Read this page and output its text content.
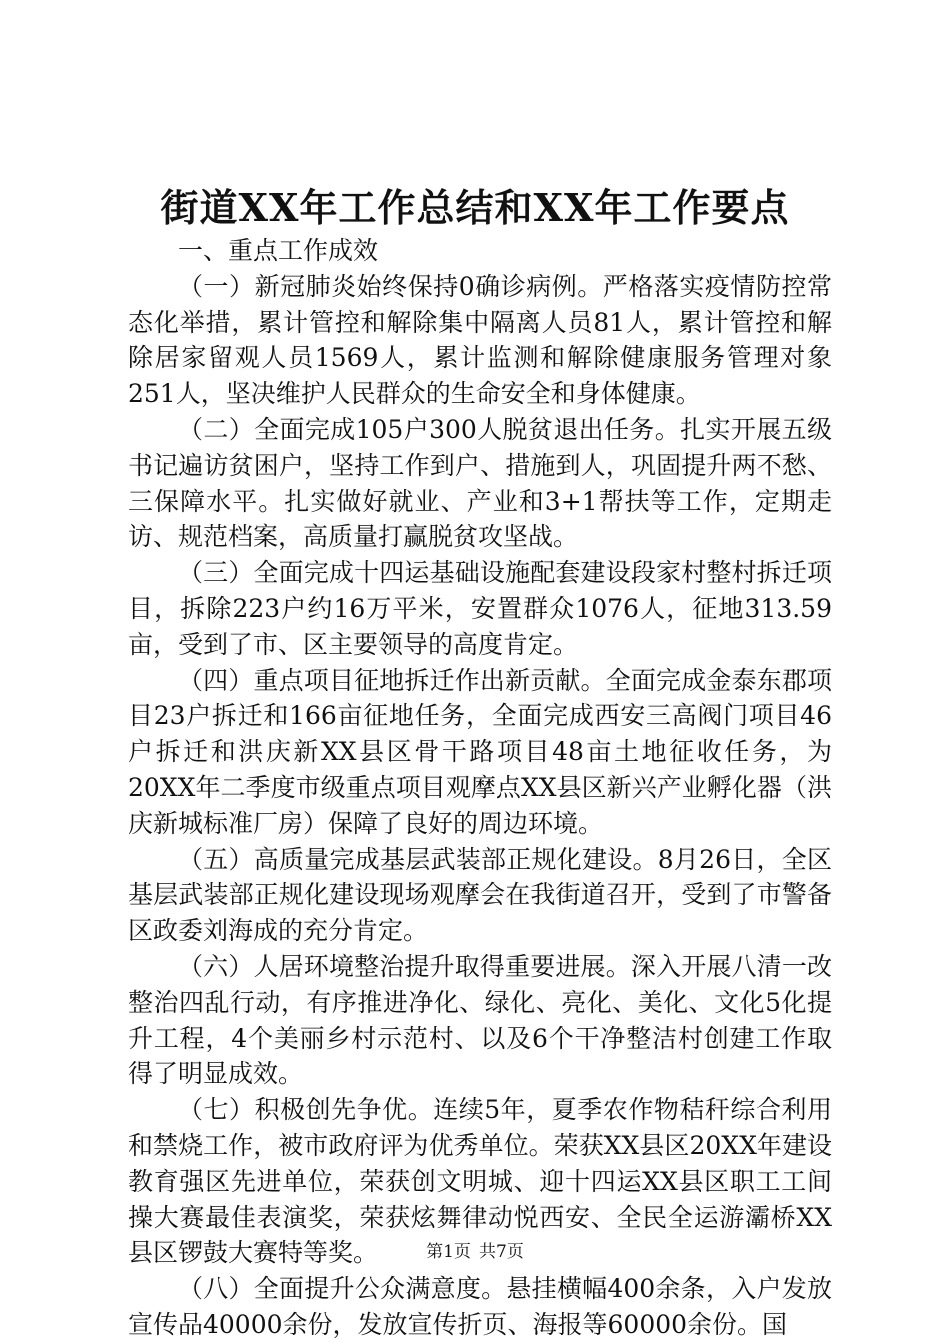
街道XX年工作总结和XX年工作要点

一、重点工作成效

（一）新冠肺炎始终保持0确诊病例。严格落实疫情防控常态化举措，累计管控和解除集中隔离人员81人，累计管控和解除居家留观人员1569人，累计监测和解除健康服务管理对象251人，坚决维护人民群众的生命安全和身体健康。

（二）全面完成105户300人脱贫退出任务。扎实开展五级书记遍访贫困户，坚持工作到户、措施到人，巩固提升两不愁、三保障水平。扎实做好就业、产业和3+1帮扶等工作，定期走访、规范档案，高质量打赢脱贫攻坚战。

（三）全面完成十四运基础设施配套建设段家村整村拆迁项目，拆除223户约16万平米，安置群众1076人，征地313.59亩，受到了市、区主要领导的高度肯定。

（四）重点项目征地拆迁作出新贡献。全面完成金泰东郡项目23户拆迁和166亩征地任务，全面完成西安三高阀门项目46户拆迁和洪庆新XX县区骨干路项目48亩土地征收任务，为20XX年二季度市级重点项目观摩点XX县区新兴产业孵化器（洪庆新城标准厂房）保障了良好的周边环境。

（五）高质量完成基层武装部正规化建设。8月26日，全区基层武装部正规化建设现场观摩会在我街道召开，受到了市警备区政委刘海成的充分肯定。

（六）人居环境整治提升取得重要进展。深入开展八清一改整治四乱行动，有序推进净化、绿化、亮化、美化、文化5化提升工程，4个美丽乡村示范村、以及6个干净整洁村创建工作取得了明显成效。

（七）积极创先争优。连续5年，夏季农作物秸秆综合利用和禁烧工作，被市政府评为优秀单位。荣获XX县区20XX年建设教育强区先进单位，荣获创文明城、迎十四运XX县区职工工间操大赛最佳表演奖，荣获炫舞律动悦西安、全民全运游灞桥XX县区锣鼓大赛特等奖。

（八）全面提升公众满意度。悬挂横幅400余条，入户发放宣传品40000余份，发放宣传折页、海报等60000余份。国

第1页 共7页
